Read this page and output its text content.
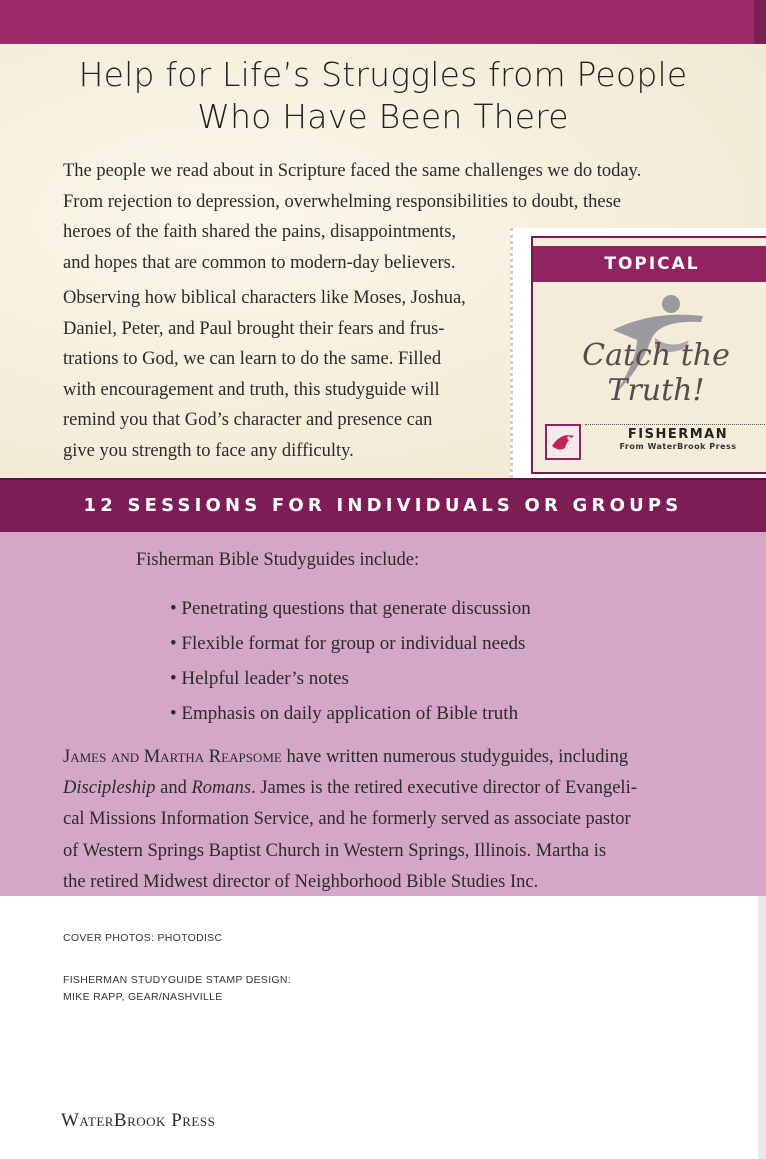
Help for Life’s Struggles from People
Who Have Been There
The people we read about in Scripture faced the same challenges we do today.
From rejection to depression, overwhelming responsibilities to doubt, these
heroes of the faith shared the pains, disappointments,
and hopes that are common to modern-day believers.
Observing how biblical characters like Moses, Joshua,
Daniel, Peter, and Paul brought their fears and frus-
trations to God, we can learn to do the same. Filled
with encouragement and truth, this studyguide will
remind you that God’s character and presence can
give you strength to face any difficulty.
TOPICAL
Catch the Truth!
FISHERMAN
From WaterBrook Press
12 SESSIONS FOR INDIVIDUALS OR GROUPS
Fisherman Bible Studyguides include:
• Penetrating questions that generate discussion
• Flexible format for group or individual needs
• Helpful leader’s notes
• Emphasis on daily application of Bible truth
James and Martha Reapsome have written numerous studyguides, including
Discipleship and Romans. James is the retired executive director of Evangeli-
cal Missions Information Service, and he formerly served as associate pastor
of Western Springs Baptist Church in Western Springs, Illinois. Martha is
the retired Midwest director of Neighborhood Bible Studies Inc.
COVER PHOTOS: PHOTODISC
FISHERMAN STUDYGUIDE STAMP DESIGN:
MIKE RAPP, GEAR/NASHVILLE
WaterBrook Press
